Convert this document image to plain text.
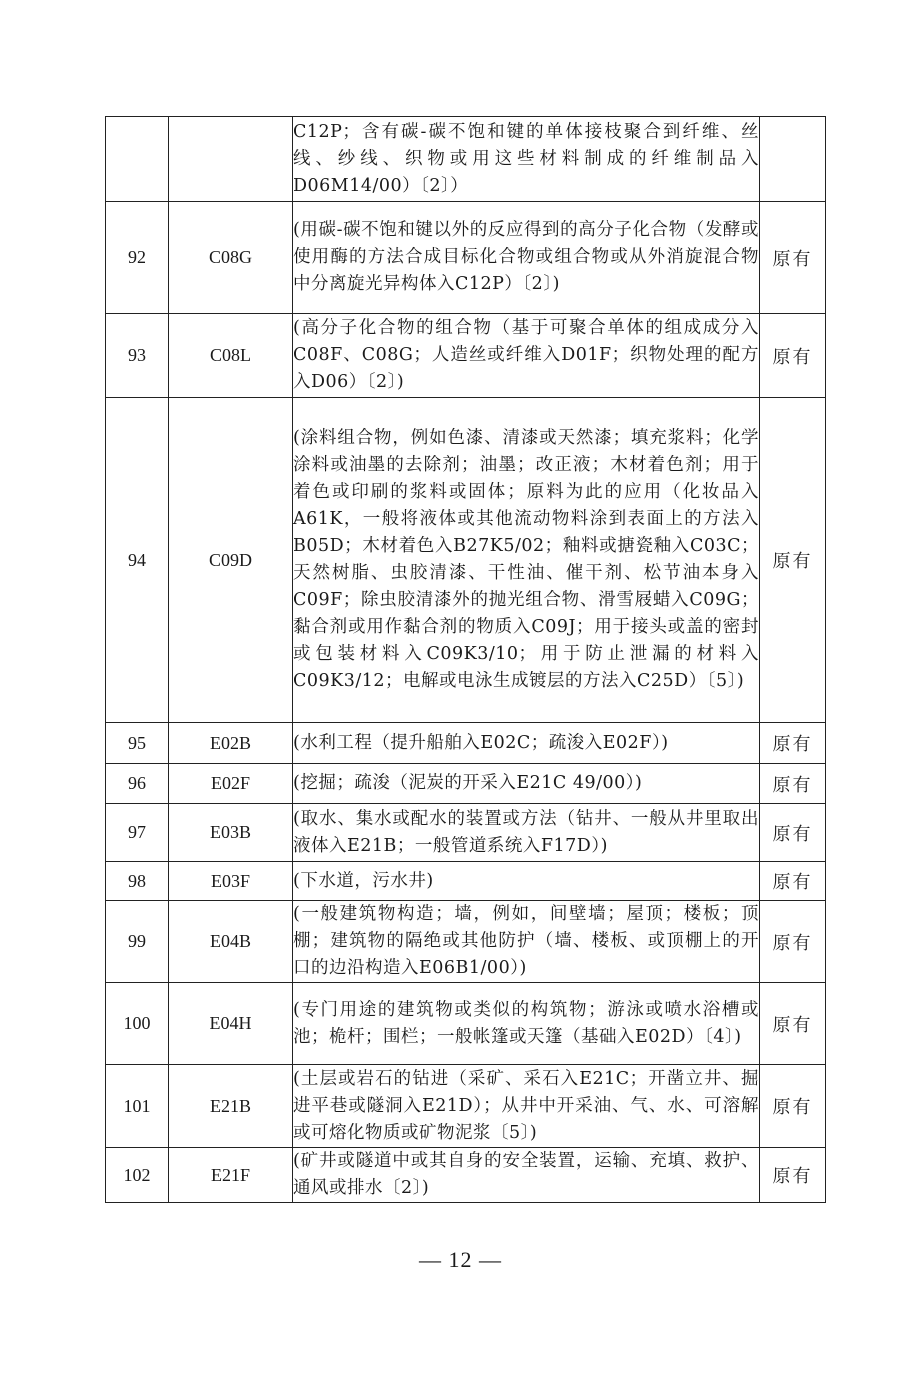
		C12P；含有碳-碳不饱和键的单体接枝聚合到纤维、丝线、纱线、织物或用这些材料制成的纤维制品入D06M14/00）〔2〕）	
92	C08G	(用碳-碳不饱和键以外的反应得到的高分子化合物（发酵或使用酶的方法合成目标化合物或组合物或从外消旋混合物中分离旋光异构体入C12P）〔2〕)	原有
93	C08L	(高分子化合物的组合物（基于可聚合单体的组成成分入C08F、C08G；人造丝或纤维入D01F；织物处理的配方入D06）〔2〕)	原有
94	C09D	(涂料组合物，例如色漆、清漆或天然漆；填充浆料；化学涂料或油墨的去除剂；油墨；改正液；木材着色剂；用于着色或印刷的浆料或固体；原料为此的应用（化妆品入A61K，一般将液体或其他流动物料涂到表面上的方法入B05D；木材着色入B27K5/02；釉料或搪瓷釉入C03C；天然树脂、虫胶清漆、干性油、催干剂、松节油本身入C09F；除虫胶清漆外的抛光组合物、滑雪屐蜡入C09G；黏合剂或用作黏合剂的物质入C09J；用于接头或盖的密封或包装材料入C09K3/10；用于防止泄漏的材料入C09K3/12；电解或电泳生成镀层的方法入C25D）〔5〕)	原有
95	E02B	(水利工程（提升船舶入E02C；疏浚入E02F）)	原有
96	E02F	(挖掘；疏浚（泥炭的开采入E21C 49/00）)	原有
97	E03B	(取水、集水或配水的装置或方法（钻井、一般从井里取出液体入E21B；一般管道系统入F17D）)	原有
98	E03F	(下水道，污水井)	原有
99	E04B	(一般建筑物构造；墙，例如，间壁墙；屋顶；楼板；顶棚；建筑物的隔绝或其他防护（墙、楼板、或顶棚上的开口的边沿构造入E06B1/00）)	原有
100	E04H	(专门用途的建筑物或类似的构筑物；游泳或喷水浴槽或池；桅杆；围栏；一般帐篷或天篷（基础入E02D）〔4〕)	原有
101	E21B	(土层或岩石的钻进（采矿、采石入E21C；开凿立井、掘进平巷或隧洞入E21D）；从井中开采油、气、水、可溶解或可熔化物质或矿物泥浆〔5〕)	原有
102	E21F	(矿井或隧道中或其自身的安全装置，运输、充填、救护、通风或排水〔2〕)	原有
— 12 —
